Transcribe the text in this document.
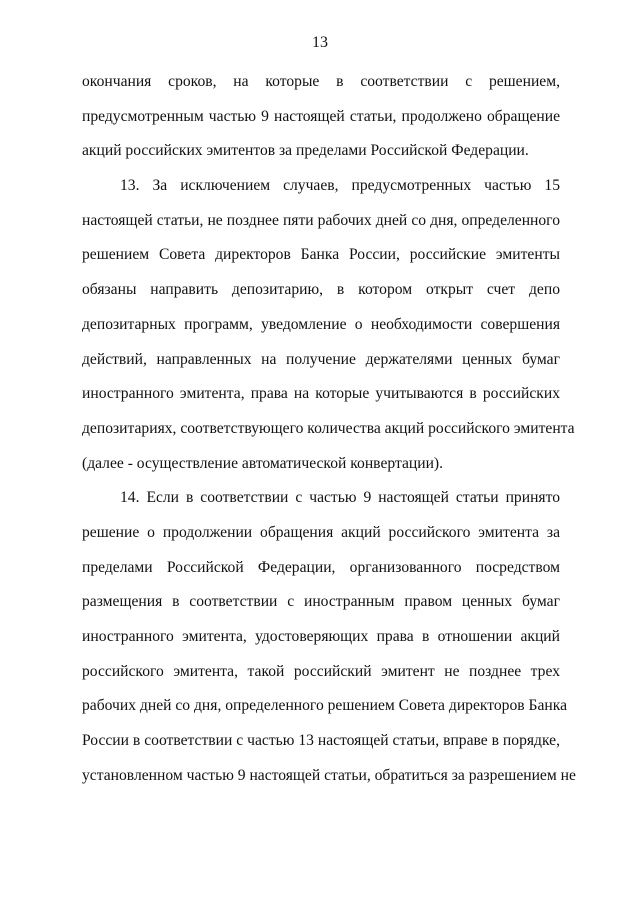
13
окончания сроков, на которые в соответствии с решением,
предусмотренным частью 9 настоящей статьи, продолжено обращение
акций российских эмитентов за пределами Российской Федерации.
13. За исключением случаев, предусмотренных частью 15
настоящей статьи, не позднее пяти рабочих дней со дня, определенного
решением Совета директоров Банка России, российские эмитенты
обязаны направить депозитарию, в котором открыт счет депо
депозитарных программ, уведомление о необходимости совершения
действий, направленных на получение держателями ценных бумаг
иностранного эмитента, права на которые учитываются в российских
депозитариях, соответствующего количества акций российского эмитента
(далее - осуществление автоматической конвертации).
14. Если в соответствии с частью 9 настоящей статьи принято
решение о продолжении обращения акций российского эмитента за
пределами Российской Федерации, организованного посредством
размещения в соответствии с иностранным правом ценных бумаг
иностранного эмитента, удостоверяющих права в отношении акций
российского эмитента, такой российский эмитент не позднее трех
рабочих дней со дня, определенного решением Совета директоров Банка
России в соответствии с частью 13 настоящей статьи, вправе в порядке,
установленном частью 9 настоящей статьи, обратиться за разрешением не
